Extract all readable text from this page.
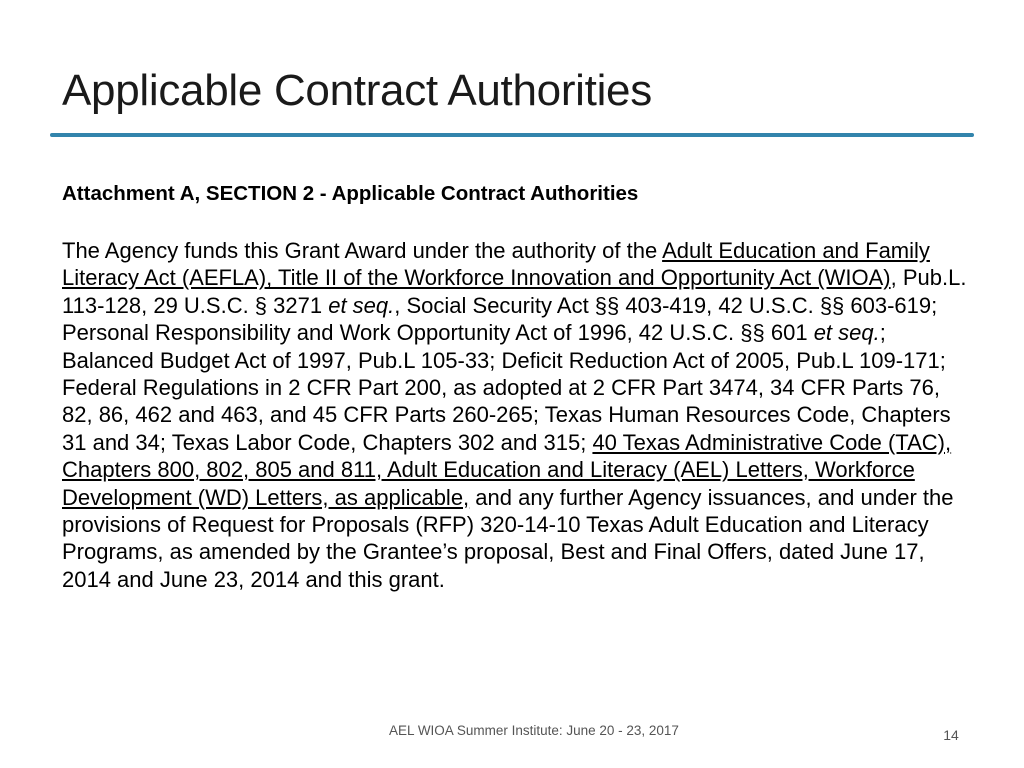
Applicable Contract Authorities
Attachment A, SECTION 2 - Applicable Contract Authorities

The Agency funds this Grant Award under the authority of the Adult Education and Family Literacy Act (AEFLA), Title II of the Workforce Innovation and Opportunity Act (WIOA), Pub.L. 113-128, 29 U.S.C. § 3271 et seq., Social Security Act §§ 403-419, 42 U.S.C. §§ 603-619; Personal Responsibility and Work Opportunity Act of 1996, 42 U.S.C. §§ 601 et seq.; Balanced Budget Act of 1997, Pub.L 105-33; Deficit Reduction Act of 2005, Pub.L 109-171; Federal Regulations in 2 CFR Part 200, as adopted at 2 CFR Part 3474, 34 CFR Parts 76, 82, 86, 462 and 463, and 45 CFR Parts 260-265; Texas Human Resources Code, Chapters 31 and 34; Texas Labor Code, Chapters 302 and 315; 40 Texas Administrative Code (TAC), Chapters 800, 802, 805 and 811, Adult Education and Literacy (AEL) Letters, Workforce Development (WD) Letters, as applicable, and any further Agency issuances, and under the provisions of Request for Proposals (RFP) 320-14-10 Texas Adult Education and Literacy Programs, as amended by the Grantee’s proposal, Best and Final Offers, dated June 17, 2014 and June 23, 2014 and this grant.

AEL WIOA Summer Institute: June 20 - 23, 2017	14
